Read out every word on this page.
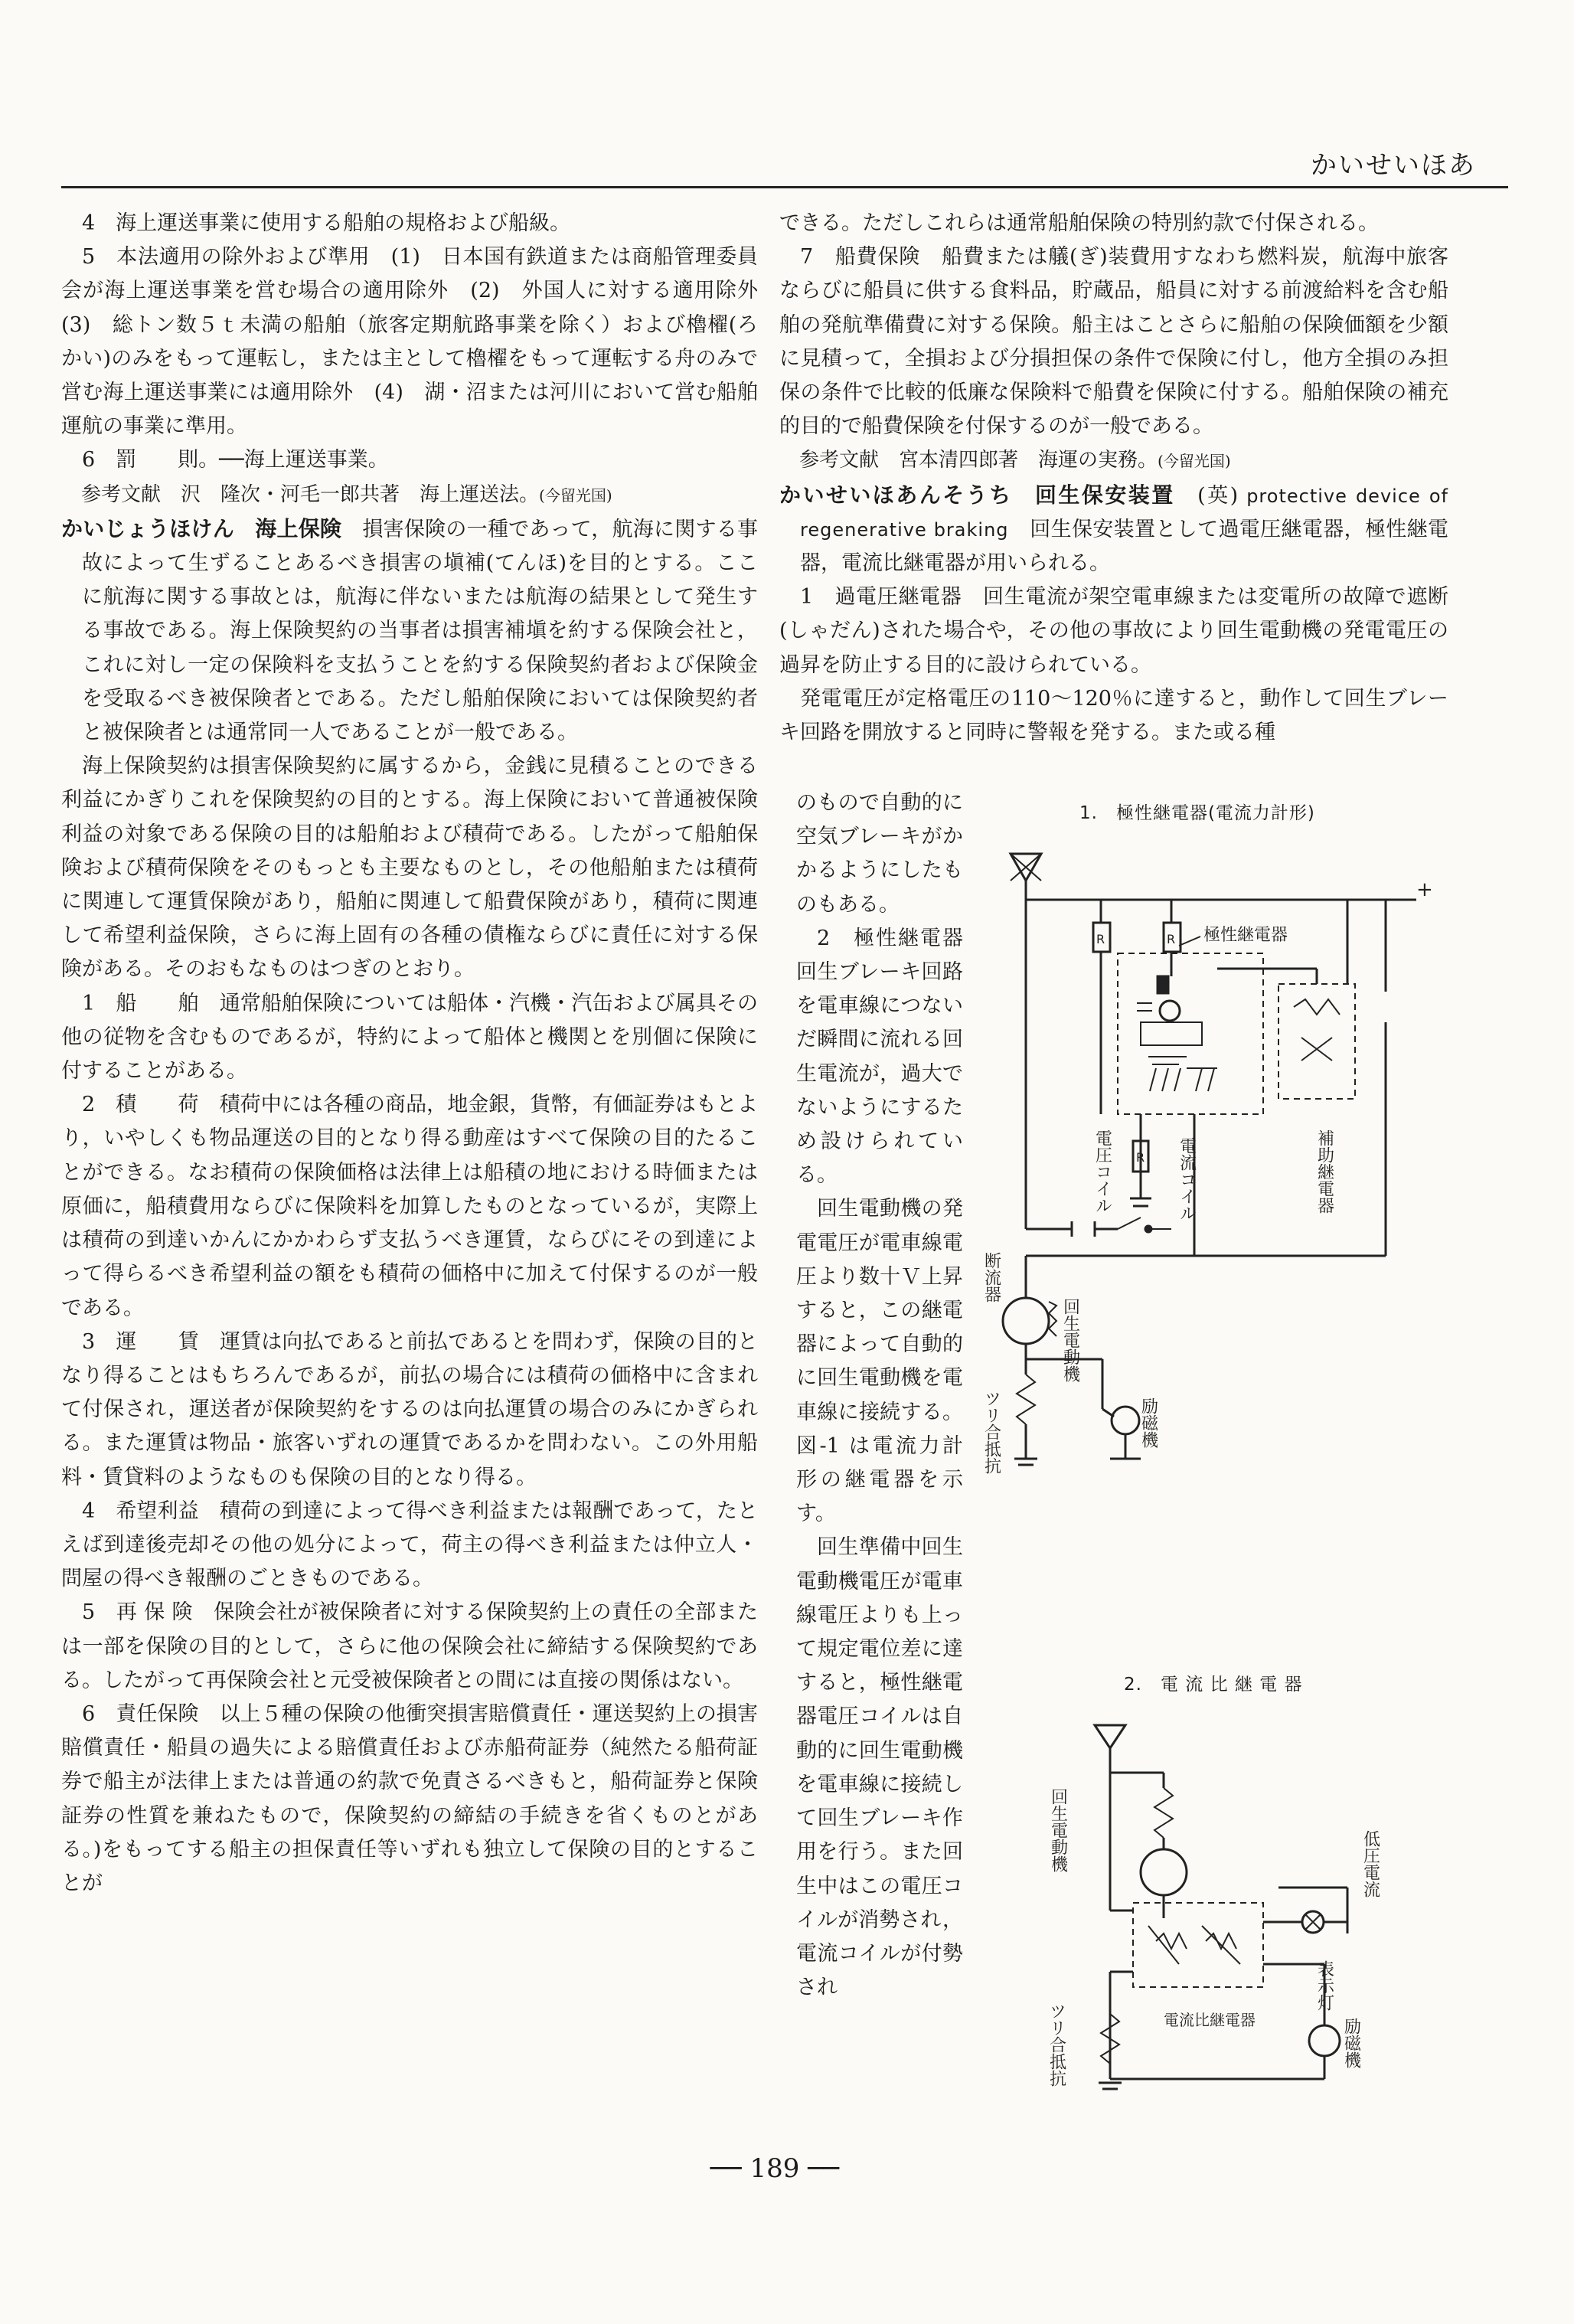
かいせいほあ

4　海上運送事業に使用する船舶の規格および船級。

5　本法適用の除外および準用　(1)　日本国有鉄道または商船管理委員会が海上運送事業を営む場合の適用除外　(2)　外国人に対する適用除外　(3)　総トン数５ｔ未満の船舶（旅客定期航路事業を除く）および櫓櫂(ろかい)のみをもって運転し，または主として櫓櫂をもって運転する舟のみで営む海上運送事業には適用除外　(4)　湖・沼または河川において営む船舶運航の事業に準用。

6　罰　　則。──海上運送事業。

参考文献　沢　隆次・河毛一郎共著　海上運送法。(今留光国)

かいじょうほけん　 海上保険　 損害保険の一種であって，航海に関する事故によって生ずることあるべき損害の塡補(てんほ)を目的とする。ここに航海に関する事故とは，航海に伴ないまたは航海の結果として発生する事故である。海上保険契約の当事者は損害補塡を約する保険会社と，これに対し一定の保険料を支払うことを約する保険契約者および保険金を受取るべき被保険者とである。ただし船舶保険においては保険契約者と被保険者とは通常同一人であることが一般である。

海上保険契約は損害保険契約に属するから，金銭に見積ることのできる利益にかぎりこれを保険契約の目的とする。海上保険において普通被保険利益の対象である保険の目的は船舶および積荷である。したがって船舶保険および積荷保険をそのもっとも主要なものとし，その他船舶または積荷に関連して運賃保険があり，船舶に関連して船費保険があり，積荷に関連して希望利益保険，さらに海上固有の各種の債権ならびに責任に対する保険がある。そのおもなものはつぎのとおり。

1　船　　舶　通常船舶保険については船体・汽機・汽缶および属具その他の従物を含むものであるが，特約によって船体と機関とを別個に保険に付することがある。

2　積　　荷　積荷中には各種の商品，地金銀，貨幣，有価証券はもとより，いやしくも物品運送の目的となり得る動産はすべて保険の目的たることができる。なお積荷の保険価格は法律上は船積の地における時価または原価に，船積費用ならびに保険料を加算したものとなっているが，実際上は積荷の到達いかんにかかわらず支払うべき運賃，ならびにその到達によって得らるべき希望利益の額をも積荷の価格中に加えて付保するのが一般である。

3　運　　賃　運賃は向払であると前払であるとを問わず，保険の目的となり得ることはもちろんであるが，前払の場合には積荷の価格中に含まれて付保され，運送者が保険契約をするのは向払運賃の場合のみにかぎられる。また運賃は物品・旅客いずれの運賃であるかを問わない。この外用船料・賃貸料のようなものも保険の目的となり得る。

4　希望利益　積荷の到達によって得べき利益または報酬であって，たとえば到達後売却その他の処分によって，荷主の得べき利益または仲立人・問屋の得べき報酬のごときものである。

5　再 保 険　保険会社が被保険者に対する保険契約上の責任の全部または一部を保険の目的として，さらに他の保険会社に締結する保険契約である。したがって再保険会社と元受被保険者との間には直接の関係はない。

6　責任保険　以上５種の保険の他衝突損害賠償責任・運送契約上の損害賠償責任・船員の過失による賠償責任および赤船荷証券（純然たる船荷証券で船主が法律上または普通の約款で免責さるべきもと，船荷証券と保険証券の性質を兼ねたもので，保険契約の締結の手続きを省くものとがある。)をもってする船主の担保責任等いずれも独立して保険の目的とすることが

できる。ただしこれらは通常船舶保険の特別約款で付保される。

7　船費保険　船費または艤(ぎ)装費用すなわち燃料炭，航海中旅客ならびに船員に供する食料品，貯蔵品，船員に対する前渡給料を含む船舶の発航準備費に対する保険。船主はことさらに船舶の保険価額を少額に見積って，全損および分損担保の条件で保険に付し，他方全損のみ担保の条件で比較的低廉な保険料で船費を保険に付する。船舶保険の補充的目的で船費保険を付保するのが一般である。

参考文献　宮本清四郎著　海運の実務。(今留光国)

かいせいほあんそうち　 回生保安装置　 (英) protective device of regenerative braking　 回生保安装置として過電圧継電器，極性継電器，電流比継電器が用いられる。

1　過電圧継電器　回生電流が架空電車線または変電所の故障で遮断(しゃだん)された場合や，その他の事故により回生電動機の発電電圧の過昇を防止する目的に設けられている。

発電電圧が定格電圧の110～120％に達すると，動作して回生ブレーキ回路を開放すると同時に警報を発する。また或る種

のもので自動的に空気ブレーキがかかるようにしたものもある。

2　極性継電器　回生ブレーキ回路を電車線につないだ瞬間に流れる回生電流が，過大でないようにするため設けられている。

回生電動機の発電電圧が電車線電圧より数十Ｖ上昇すると，この継電器によって自動的に回生電動機を電車線に接続する。図-1 は電流力計形の継電器を示す。

回生準備中回生電動機電圧が電車線電圧よりも上って規定電位差に達すると，極性継電器電圧コイルは自動的に回生電動機を電車線に接続して回生ブレーキ作用を行う。また回生中はこの電圧コイルが消勢され，電流コイルが付勢され

1.　極性継電器(電流力計形)
+
R	R 極性継電器
補助継電器
R
電圧コイル	電流コイル
断流器
回生電動機
ツリ合抵抗	励磁機
2.　電 流 比 継 電 器
回生電動機
表示灯
低圧電流
電流比継電器
ツリ合抵抗	励磁機
── 189 ──
